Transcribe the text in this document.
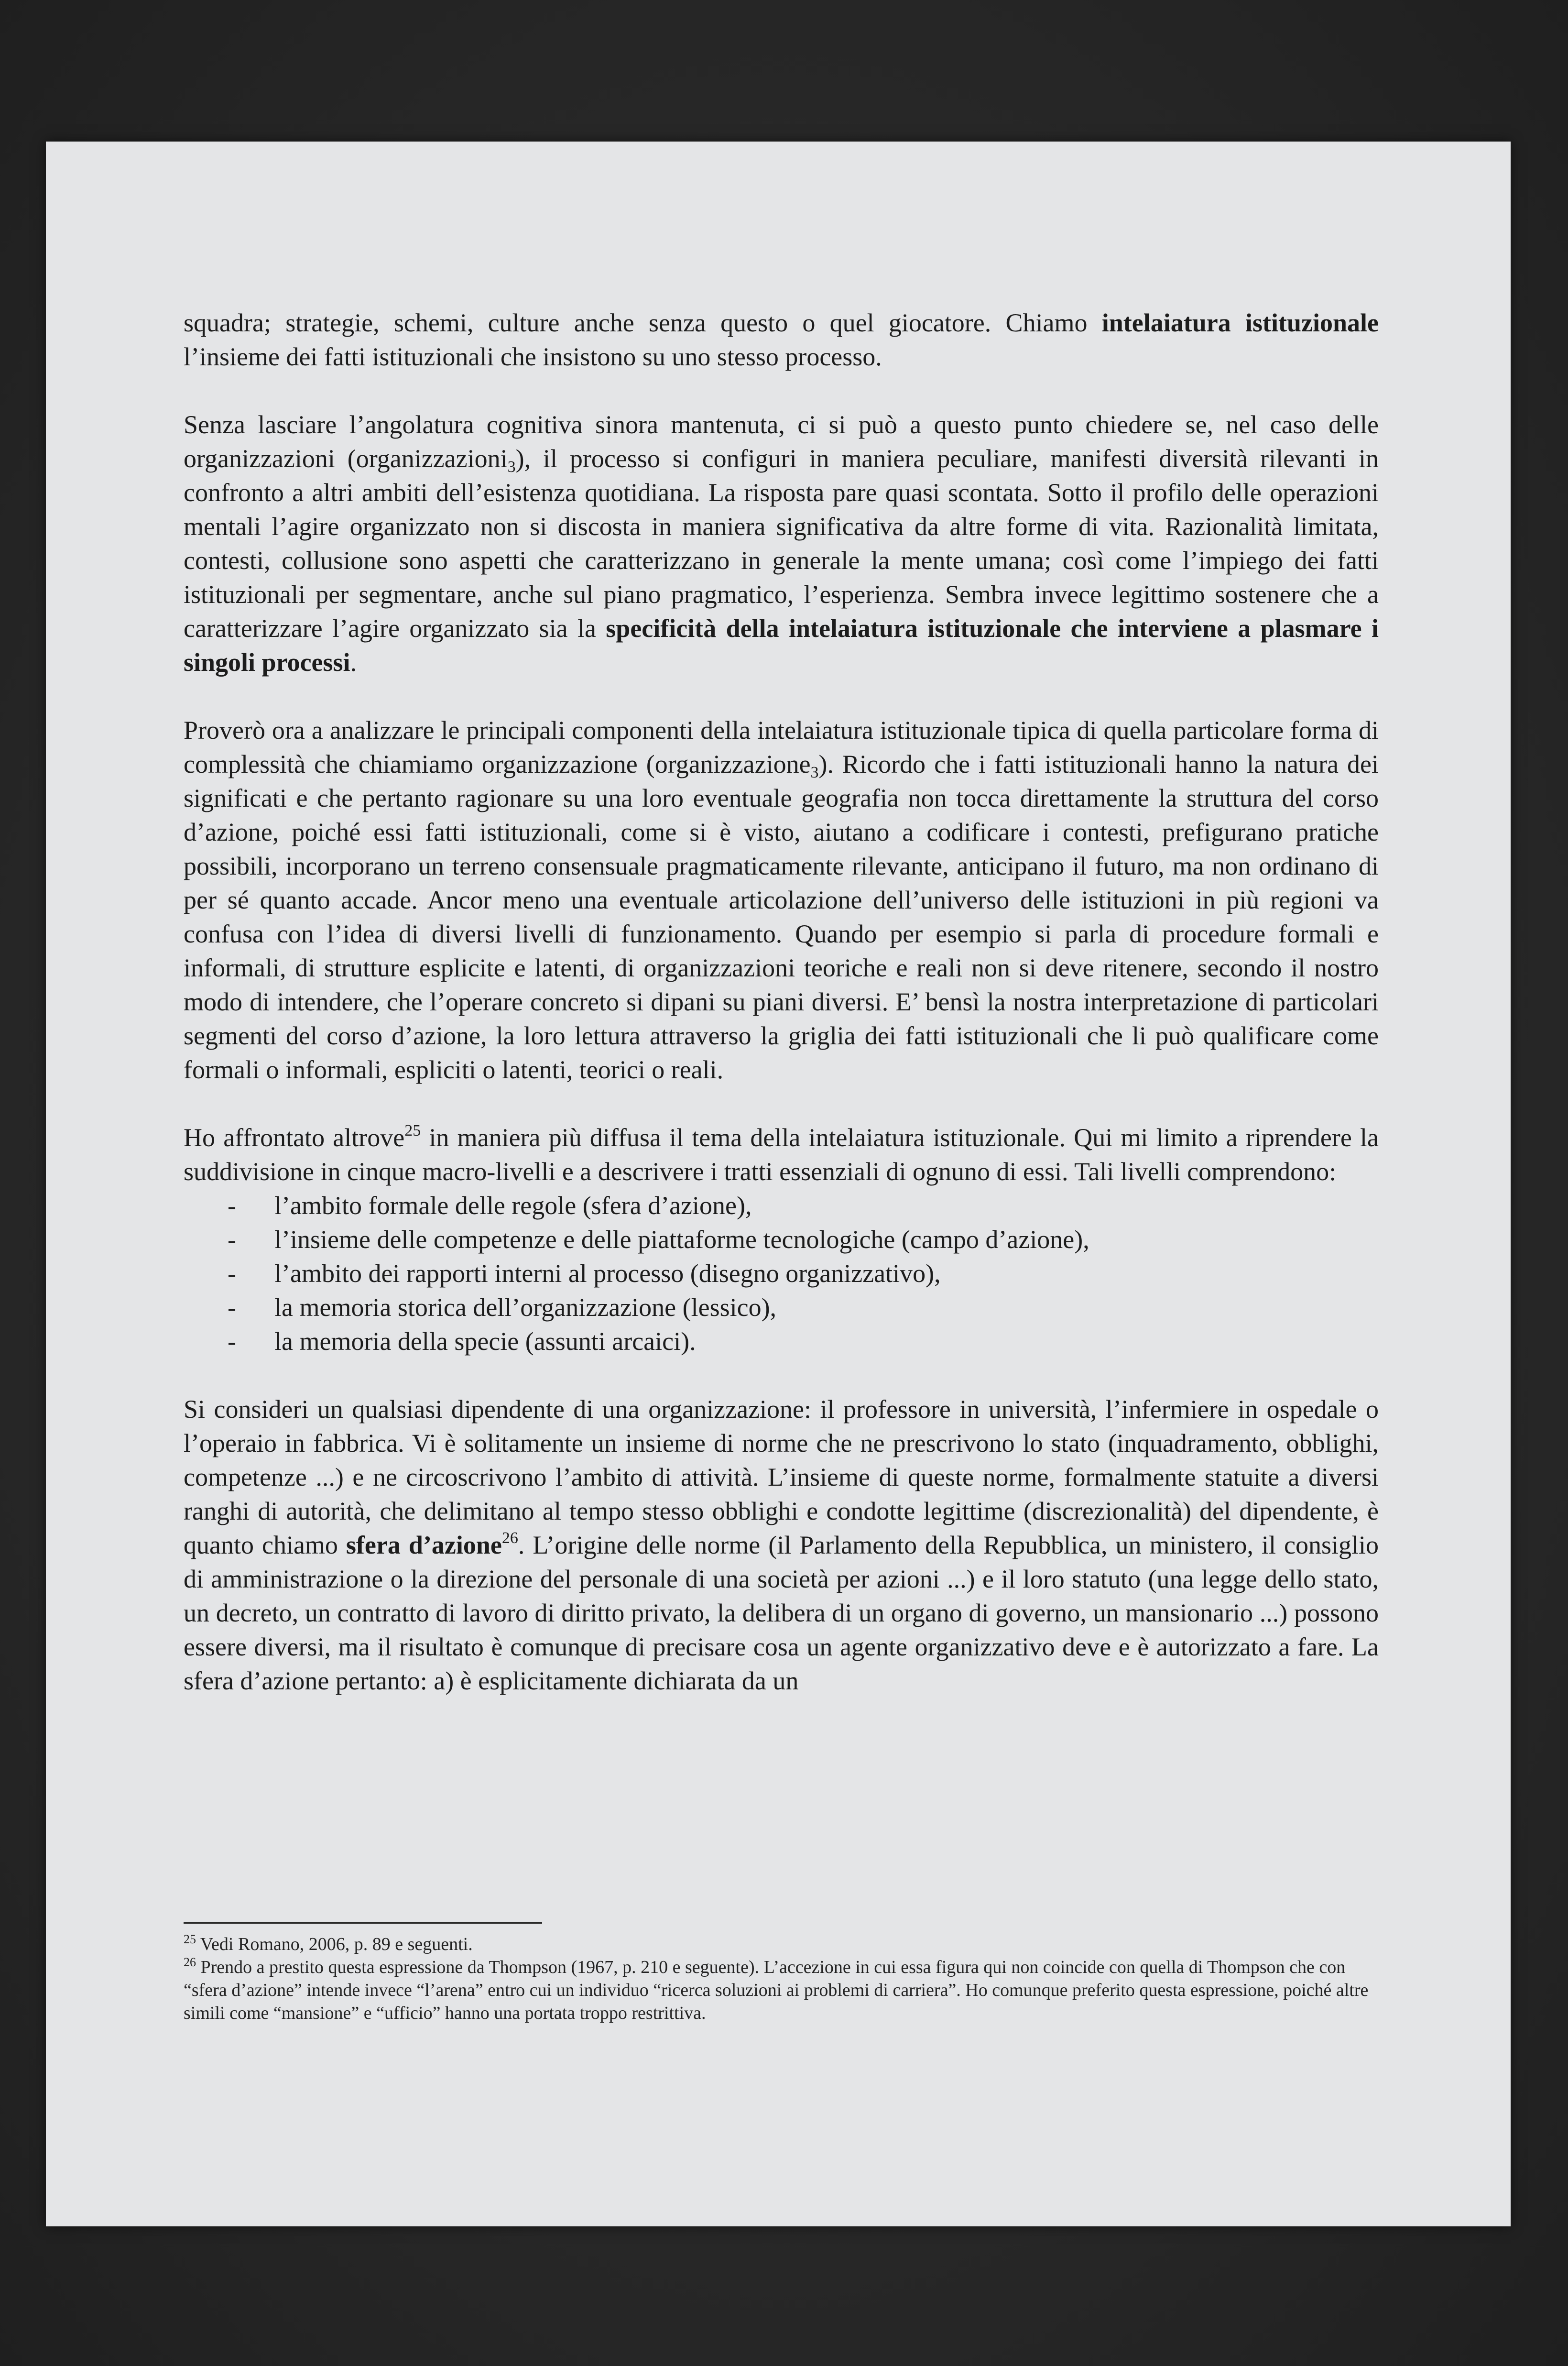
squadra; strategie, schemi, culture anche senza questo o quel giocatore. Chiamo intelaiatura istituzionale l’insieme dei fatti istituzionali che insistono su uno stesso processo.

Senza lasciare l’angolatura cognitiva sinora mantenuta, ci si può a questo punto chiedere se, nel caso delle organizzazioni (organizzazioni$_3$), il processo si configuri in maniera peculiare, manifesti diversità rilevanti in confronto a altri ambiti dell’esistenza quotidiana. La risposta pare quasi scontata. Sotto il profilo delle operazioni mentali l’agire organizzato non si discosta in maniera significativa da altre forme di vita. Razionalità limitata, contesti, collusione sono aspetti che caratterizzano in generale la mente umana; così come l’impiego dei fatti istituzionali per segmentare, anche sul piano pragmatico, l’esperienza. Sembra invece legittimo sostenere che a caratterizzare l’agire organizzato sia la specificità della intelaiatura istituzionale che interviene a plasmare i singoli processi.

Proverò ora a analizzare le principali componenti della intelaiatura istituzionale tipica di quella particolare forma di complessità che chiamiamo organizzazione (organizzazione$_3$). Ricordo che i fatti istituzionali hanno la natura dei significati e che pertanto ragionare su una loro eventuale geografia non tocca direttamente la struttura del corso d’azione, poiché essi fatti istituzionali, come si è visto, aiutano a codificare i contesti, prefigurano pratiche possibili, incorporano un terreno consensuale pragmaticamente rilevante, anticipano il futuro, ma non ordinano di per sé quanto accade. Ancor meno una eventuale articolazione dell’universo delle istituzioni in più regioni va confusa con l’idea di diversi livelli di funzionamento. Quando per esempio si parla di procedure formali e informali, di strutture esplicite e latenti, di organizzazioni teoriche e reali non si deve ritenere, secondo il nostro modo di intendere, che l’operare concreto si dipani su piani diversi. E’ bensì la nostra interpretazione di particolari segmenti del corso d’azione, la loro lettura attraverso la griglia dei fatti istituzionali che li può qualificare come formali o informali, espliciti o latenti, teorici o reali.

Ho affrontato altrove$^{25}$ in maniera più diffusa il tema della intelaiatura istituzionale. Qui mi limito a riprendere la suddivisione in cinque macro-livelli e a descrivere i tratti essenziali di ognuno di essi. Tali livelli comprendono:

- l’ambito formale delle regole (sfera d’azione),
- l’insieme delle competenze e delle piattaforme tecnologiche (campo d’azione),
- l’ambito dei rapporti interni al processo (disegno organizzativo),
- la memoria storica dell’organizzazione (lessico),
- la memoria della specie (assunti arcaici).

Si consideri un qualsiasi dipendente di una organizzazione: il professore in università, l’infermiere in ospedale o l’operaio in fabbrica. Vi è solitamente un insieme di norme che ne prescrivono lo stato (inquadramento, obblighi, competenze ...) e ne circoscrivono l’ambito di attività. L’insieme di queste norme, formalmente statuite a diversi ranghi di autorità, che delimitano al tempo stesso obblighi e condotte legittime (discrezionalità) del dipendente, è quanto chiamo sfera d’azione$^{26}$. L’origine delle norme (il Parlamento della Repubblica, un ministero, il consiglio di amministrazione o la direzione del personale di una società per azioni ...) e il loro statuto (una legge dello stato, un decreto, un contratto di lavoro di diritto privato, la delibera di un organo di governo, un mansionario ...) possono essere diversi, ma il risultato è comunque di precisare cosa un agente organizzativo deve e è autorizzato a fare. La sfera d’azione pertanto: a) è esplicitamente dichiarata da un

$^{25}$ Vedi Romano, 2006, p. 89 e seguenti.

$^{26}$ Prendo a prestito questa espressione da Thompson (1967, p. 210 e seguente). L’accezione in cui essa figura qui non coincide con quella di Thompson che con “sfera d’azione” intende invece “l’arena” entro cui un individuo “ricerca soluzioni ai problemi di carriera”. Ho comunque preferito questa espressione, poiché altre simili come “mansione” e “ufficio” hanno una portata troppo restrittiva.
